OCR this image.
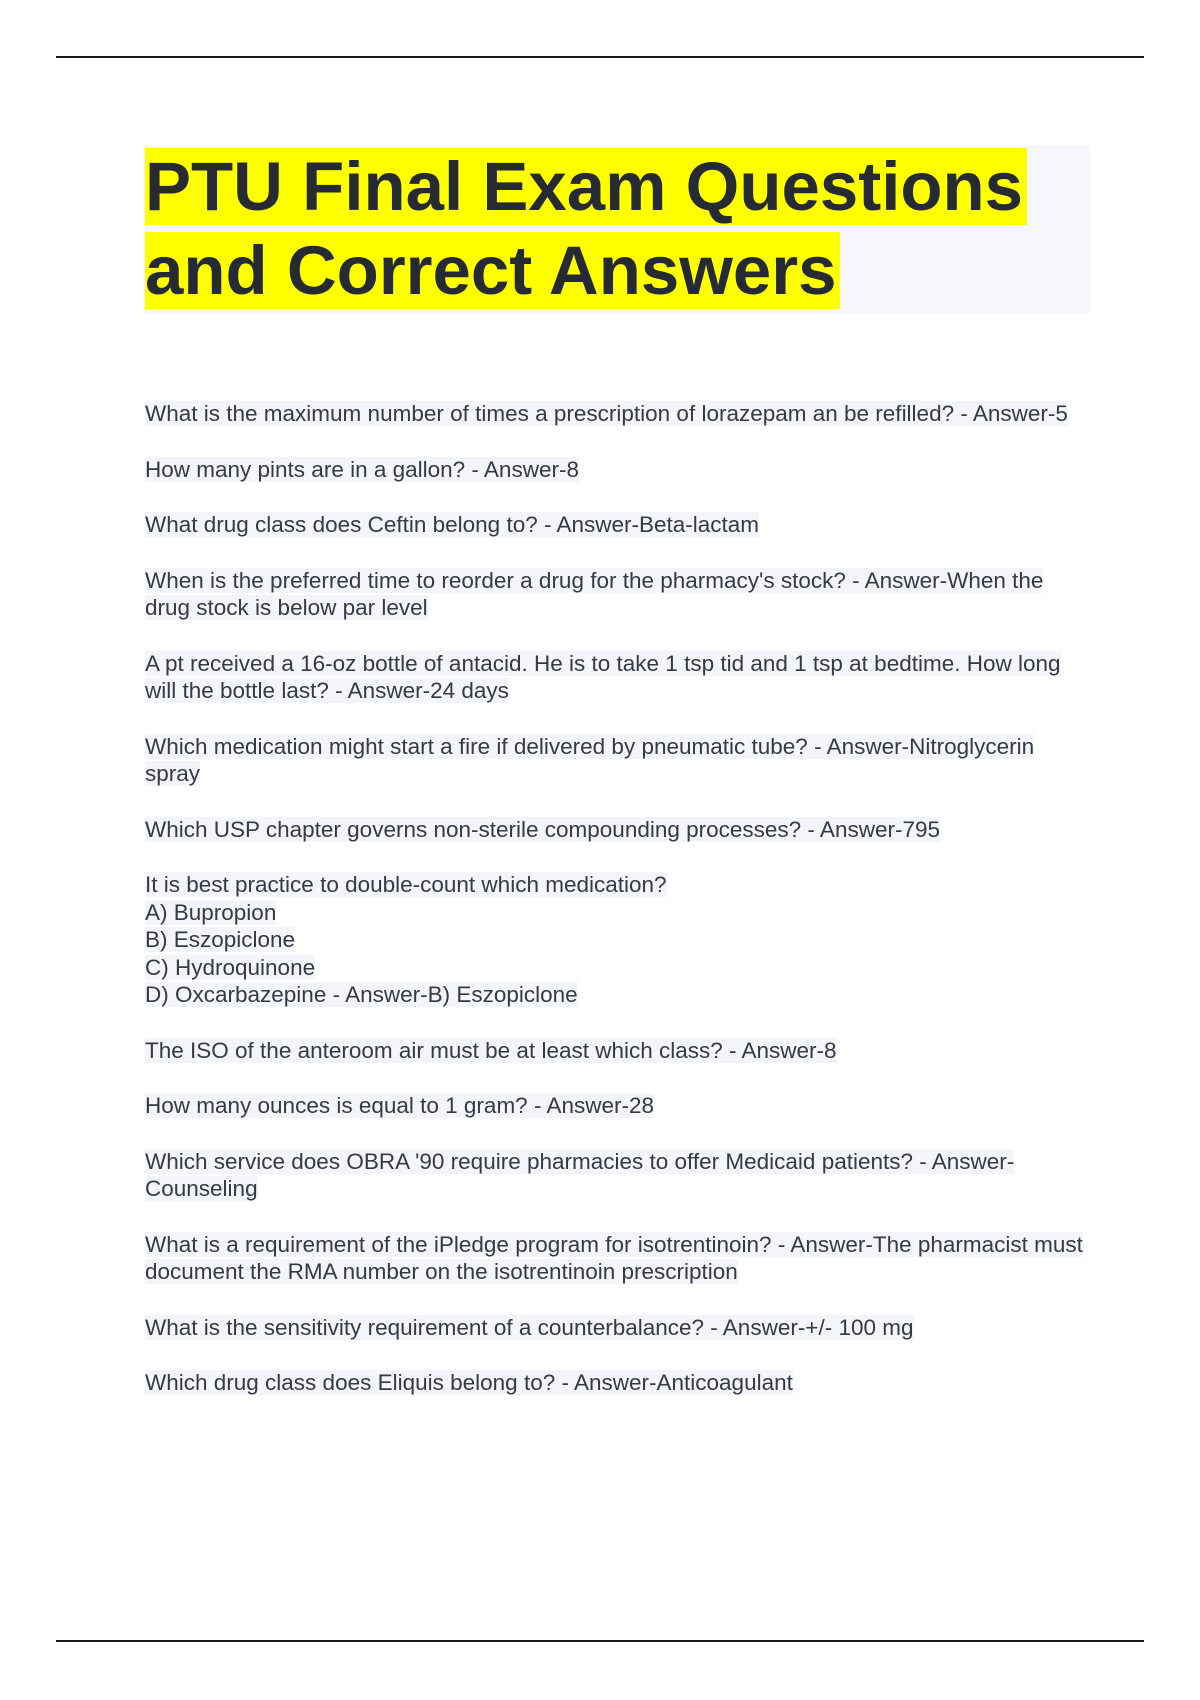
PTU Final Exam Questions and Correct Answers
What is the maximum number of times a prescription of lorazepam an be refilled? - Answer-5
How many pints are in a gallon? - Answer-8
What drug class does Ceftin belong to? - Answer-Beta-lactam
When is the preferred time to reorder a drug for the pharmacy's stock? - Answer-When the drug stock is below par level
A pt received a 16-oz bottle of antacid. He is to take 1 tsp tid and 1 tsp at bedtime. How long will the bottle last? - Answer-24 days
Which medication might start a fire if delivered by pneumatic tube? - Answer-Nitroglycerin spray
Which USP chapter governs non-sterile compounding processes? - Answer-795
It is best practice to double-count which medication?
A) Bupropion
B) Eszopiclone
C) Hydroquinone
D) Oxcarbazepine - Answer-B) Eszopiclone
The ISO of the anteroom air must be at least which class? - Answer-8
How many ounces is equal to 1 gram? - Answer-28
Which service does OBRA '90 require pharmacies to offer Medicaid patients? - Answer-Counseling
What is a requirement of the iPledge program for isotrentinoin? - Answer-The pharmacist must document the RMA number on the isotrentinoin prescription
What is the sensitivity requirement of a counterbalance? - Answer-+/- 100 mg
Which drug class does Eliquis belong to? - Answer-Anticoagulant
